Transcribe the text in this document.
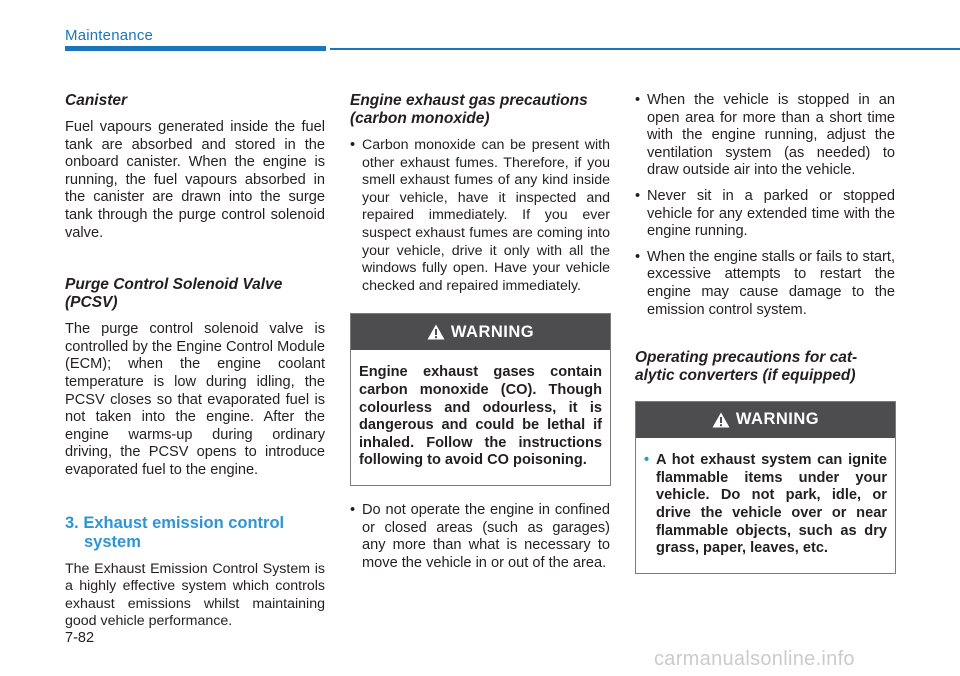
Maintenance
Canister

Fuel vapours generated inside the fuel tank are absorbed and stored in the onboard canister. When the engine is running, the fuel vapours absorbed in the canister are drawn into the surge tank through the purge control solenoid valve.

Purge Control Solenoid Valve
(PCSV)

The purge control solenoid valve is controlled by the Engine Control Module (ECM); when the engine coolant temperature is low during idling, the PCSV closes so that evaporated fuel is not taken into the engine. After the engine warms-up during ordinary driving, the PCSV opens to introduce evaporated fuel to the engine.

3. Exhaust emission control
system

The Exhaust Emission Control System is a highly effective system which controls exhaust emissions whilst maintaining good vehicle performance.

Engine exhaust gas precautions
(carbon monoxide)
• Carbon monoxide can be present with other exhaust fumes. Therefore, if you smell exhaust fumes of any kind inside your vehicle, have it inspected and repaired immediately. If you ever suspect exhaust fumes are coming into your vehicle, drive it only with all the windows fully open. Have your vehicle checked and repaired immediately.
WARNING
Engine exhaust gases contain carbon monoxide (CO). Though colourless and odourless, it is dangerous and could be lethal if inhaled. Follow the instructions following to avoid CO poisoning.
• Do not operate the engine in confined or closed areas (such as garages) any more than what is necessary to move the vehicle in or out of the area.
• When the vehicle is stopped in an open area for more than a short time with the engine running, adjust the ventilation system (as needed) to draw outside air into the vehicle.
• Never sit in a parked or stopped vehicle for any extended time with the engine running.
• When the engine stalls or fails to start, excessive attempts to restart the engine may cause damage to the emission control system.
Operating precautions for cat-
alytic converters (if equipped)
WARNING
• A hot exhaust system can ignite flammable items under your vehicle. Do not park, idle, or drive the vehicle over or near flammable objects, such as dry grass, paper, leaves, etc.
7-82
carmanualsonline.info
